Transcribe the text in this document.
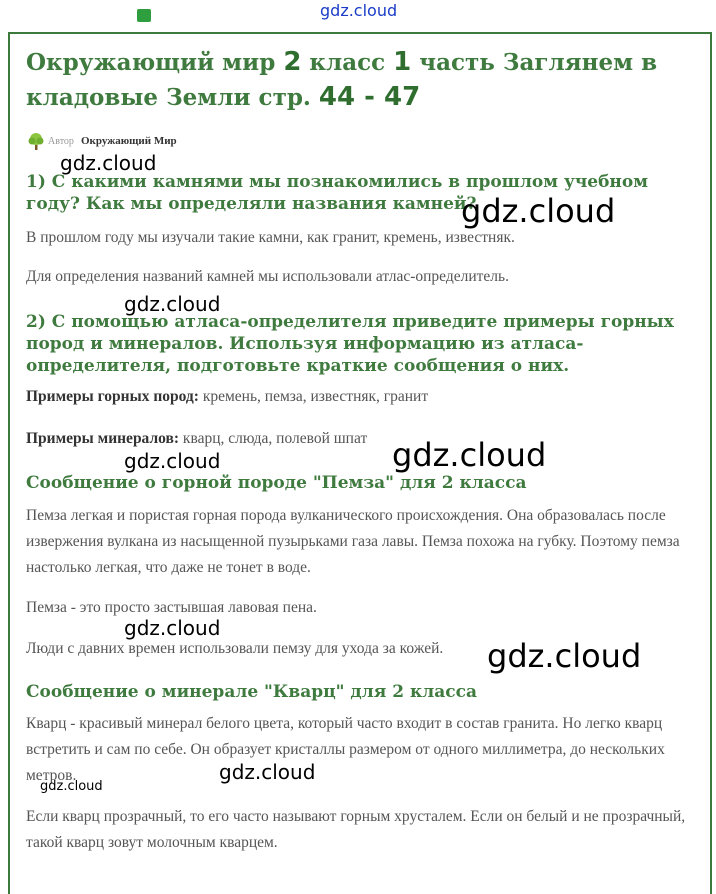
gdz.cloud
Окружающий мир 2 класс 1 часть Заглянем в кладовые Земли стр. 44 - 47
Автор Окружающий Мир
1) С какими камнями мы познакомились в прошлом учебном году? Как мы определяли названия камней?

В прошлом году мы изучали такие камни, как гранит, кремень, известняк.

Для определения названий камней мы использовали атлас-определитель.

2) С помощью атласа-определителя приведите примеры горных пород и минералов. Используя информацию из атласа-определителя, подготовьте краткие сообщения о них.

Примеры горных пород: кремень, пемза, известняк, гранит

Примеры минералов: кварц, слюда, полевой шпат

Сообщение о горной породе "Пемза" для 2 класса

Пемза легкая и пористая горная порода вулканического происхождения. Она образовалась после извержения вулкана из насыщенной пузырьками газа лавы. Пемза похожа на губку. Поэтому пемза настолько легкая, что даже не тонет в воде.

Пемза - это просто застывшая лавовая пена.

Люди с давних времен использовали пемзу для ухода за кожей.

Сообщение о минерале "Кварц" для 2 класса

Кварц - красивый минерал белого цвета, который часто входит в состав гранита. Но легко кварц встретить и сам по себе. Он образует кристаллы размером от одного миллиметра, до нескольких метров.

Если кварц прозрачный, то его часто называют горным хрусталем. Если он белый и не прозрачный, такой кварц зовут молочным кварцем.

gdz.cloud
gdz.cloud
gdz.cloud
gdz.cloud	gdz.cloud
gdz.cloud
gdz.cloud
gdz.cloud
gdz.cloud
